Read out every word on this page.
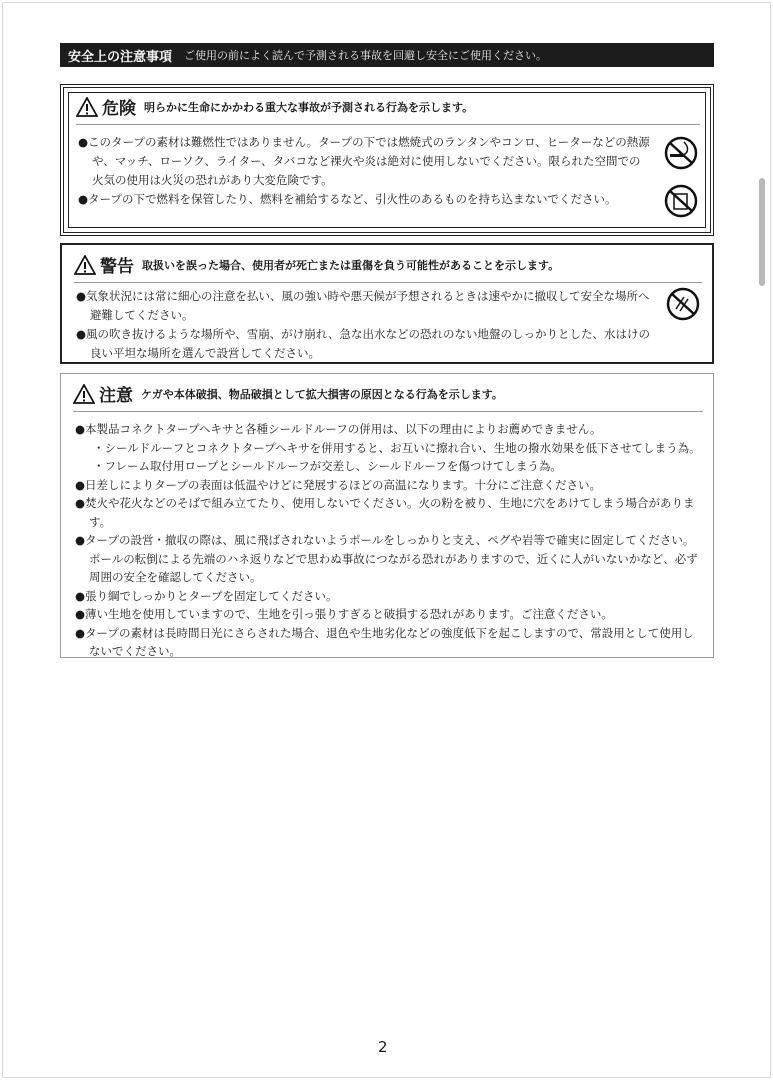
安全上の注意事項 ご使用の前によく読んで予測される事故を回避し安全にご使用ください。
危険 明らかに生命にかかわる重大な事故が予測される行為を示します。
●このタープの素材は難燃性ではありません。タープの下では燃焼式のランタンやコンロ、ヒーターなどの熱源や、マッチ、ローソク、ライター、タバコなど裸火や炎は絶対に使用しないでください。限られた空間での火気の使用は火災の恐れがあり大変危険です。
●タープの下で燃料を保管したり、燃料を補給するなど、引火性のあるものを持ち込まないでください。
警告 取扱いを誤った場合、使用者が死亡または重傷を負う可能性があることを示します。
●気象状況には常に細心の注意を払い、風の強い時や悪天候が予想されるときは速やかに撤収して安全な場所へ避難してください。
●風の吹き抜けるような場所や、雪崩、がけ崩れ、急な出水などの恐れのない地盤のしっかりとした、水はけの良い平坦な場所を選んで設営してください。
注意 ケガや本体破損、物品破損として拡大損害の原因となる行為を示します。
●本製品コネクトタープヘキサと各種シールドルーフの併用は、以下の理由によりお薦めできません。
・シールドルーフとコネクトタープヘキサを併用すると、お互いに擦れ合い、生地の撥水効果を低下させてしまう為。
・フレーム取付用ロープとシールドルーフが交差し、シールドルーフを傷つけてしまう為。
●日差しによりタープの表面は低温やけどに発展するほどの高温になります。十分にご注意ください。
●焚火や花火などのそばで組み立てたり、使用しないでください。火の粉を被り、生地に穴をあけてしまう場合があります。
●タープの設営・撤収の際は、風に飛ばされないようポールをしっかりと支え、ペグや岩等で確実に固定してください。ポールの転倒による先端のハネ返りなどで思わぬ事故につながる恐れがありますので、近くに人がいないかなど、必ず周囲の安全を確認してください。
●張り綱でしっかりとタープを固定してください。
●薄い生地を使用していますので、生地を引っ張りすぎると破損する恐れがあります。ご注意ください。
●タープの素材は長時間日光にさらされた場合、退色や生地劣化などの強度低下を起こしますので、常設用として使用しないでください。
2
